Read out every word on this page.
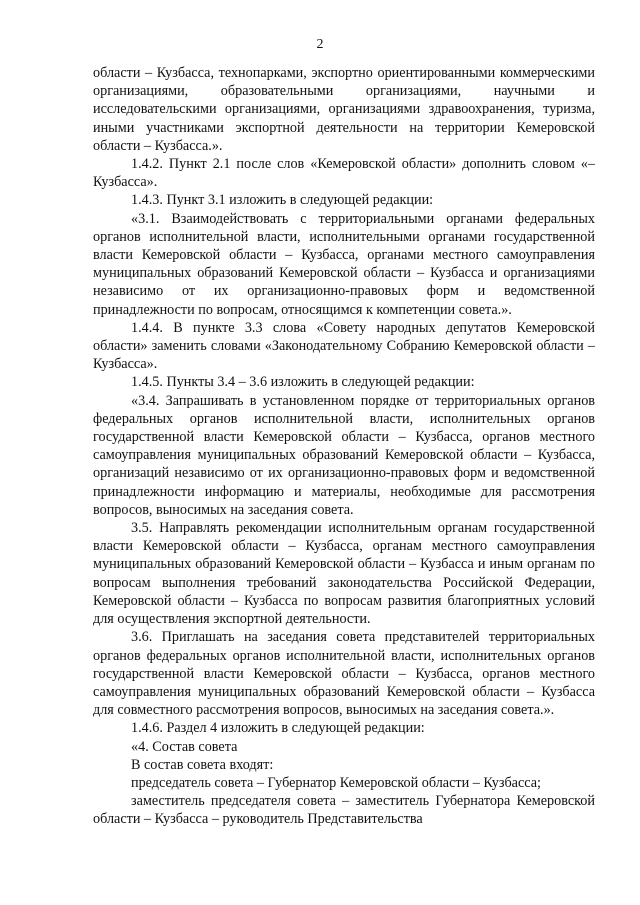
2

области – Кузбасса, технопарками, экспортно ориентированными коммерческими организациями, образовательными организациями, научными и исследовательскими организациями, организациями здравоохранения, туризма, иными участниками экспортной деятельности на территории Кемеровской области – Кузбасса.».

1.4.2. Пункт 2.1 после слов «Кемеровской области» дополнить словом «– Кузбасса».

1.4.3. Пункт 3.1 изложить в следующей редакции:

«3.1. Взаимодействовать с территориальными органами федеральных органов исполнительной власти, исполнительными органами государственной власти Кемеровской области – Кузбасса, органами местного самоуправления муниципальных образований Кемеровской области – Кузбасса и организациями независимо от их организационно-правовых форм и ведомственной принадлежности по вопросам, относящимся к компетенции совета.».

1.4.4. В пункте 3.3 слова «Совету народных депутатов Кемеровской области» заменить словами «Законодательному Собранию Кемеровской области – Кузбасса».

1.4.5. Пункты 3.4 – 3.6 изложить в следующей редакции:

«3.4. Запрашивать в установленном порядке от территориальных органов федеральных органов исполнительной власти, исполнительных органов государственной власти Кемеровской области – Кузбасса, органов местного самоуправления муниципальных образований Кемеровской области – Кузбасса, организаций независимо от их организационно-правовых форм и ведомственной принадлежности информацию и материалы, необходимые для рассмотрения вопросов, выносимых на заседания совета.

3.5. Направлять рекомендации исполнительным органам государственной власти Кемеровской области – Кузбасса, органам местного самоуправления муниципальных образований Кемеровской области – Кузбасса и иным органам по вопросам выполнения требований законодательства Российской Федерации, Кемеровской области – Кузбасса по вопросам развития благоприятных условий для осуществления экспортной деятельности.

3.6. Приглашать на заседания совета представителей территориальных органов федеральных органов исполнительной власти, исполнительных органов государственной власти Кемеровской области – Кузбасса, органов местного самоуправления муниципальных образований Кемеровской области – Кузбасса для совместного рассмотрения вопросов, выносимых на заседания совета.».

1.4.6. Раздел 4 изложить в следующей редакции:

«4. Состав совета

В состав совета входят:

председатель совета – Губернатор Кемеровской области – Кузбасса;

заместитель председателя совета – заместитель Губернатора Кемеровской области – Кузбасса – руководитель Представительства
